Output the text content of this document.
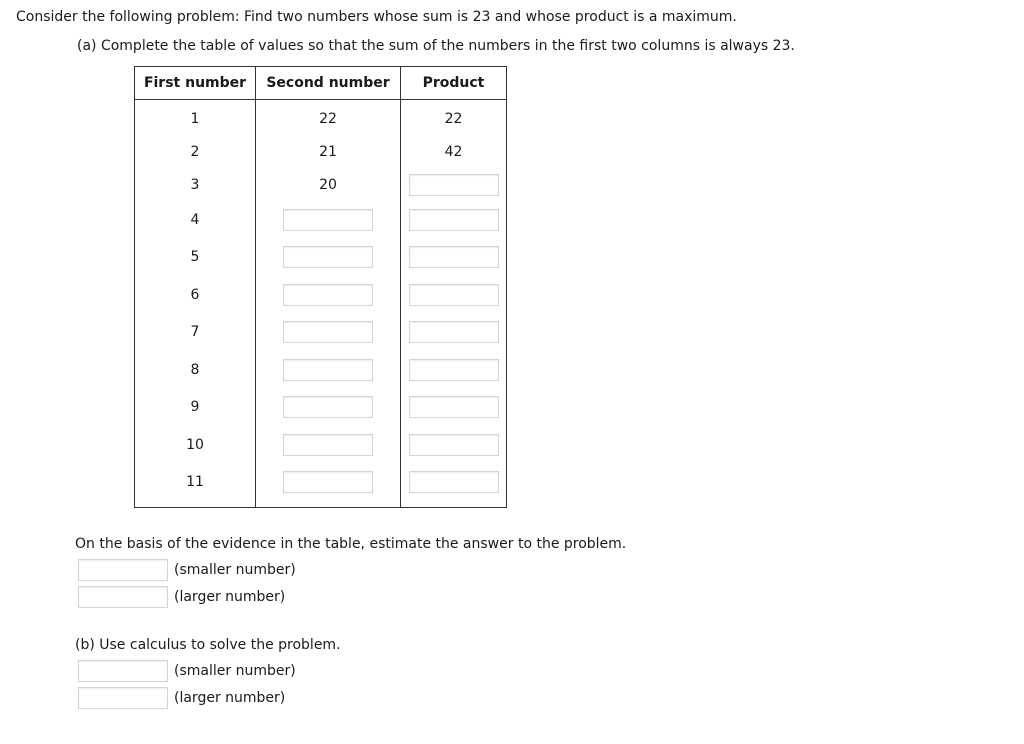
Consider the following problem: Find two numbers whose sum is 23 and whose product is a maximum.

(a) Complete the table of values so that the sum of the numbers in the first two columns is always 23.

First number	Second number	Product
1	22	22
2	21	42
3	20	
4		
5		
6		
7		
8		
9		
10		
11		

On the basis of the evidence in the table, estimate the answer to the problem.

(smaller number)
(larger number)

(b) Use calculus to solve the problem.

(smaller number)
(larger number)
